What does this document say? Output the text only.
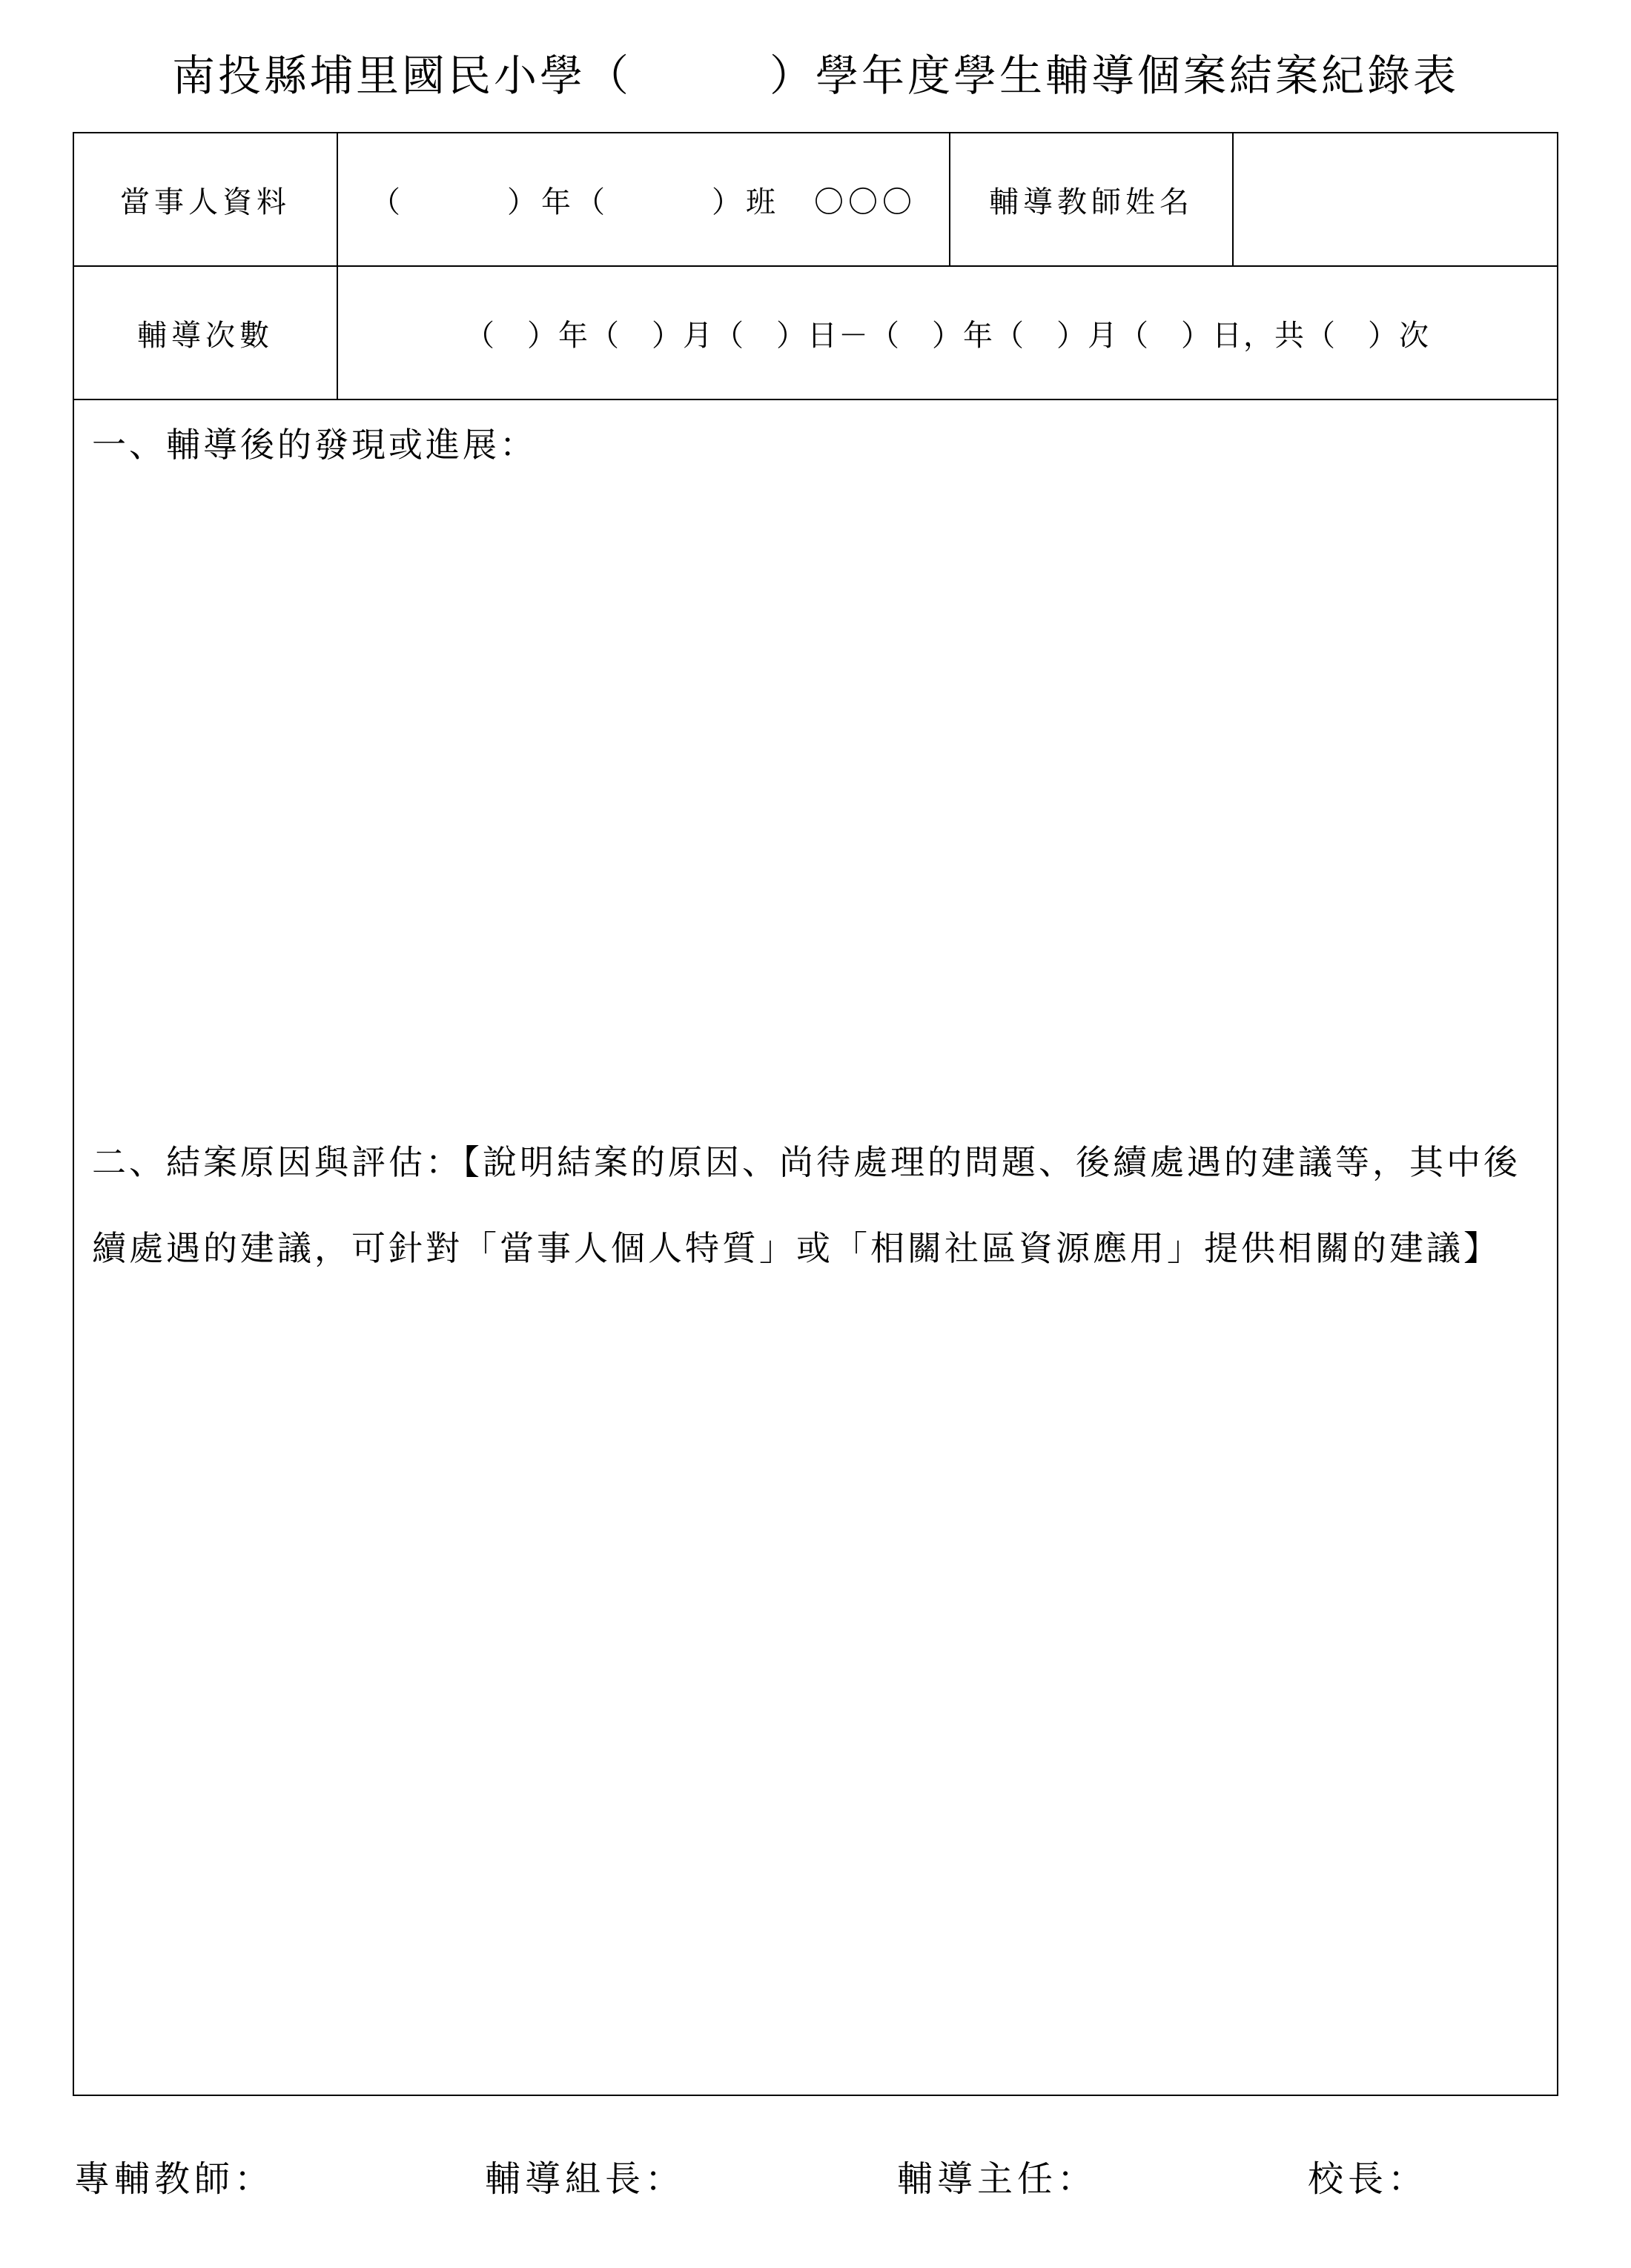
南投縣埔里國民小學（　　　）學年度學生輔導個案結案紀錄表
當事人資料	（　　　）年（　　　）班　〇〇〇	輔導教師姓名
輔導次數	（　）年（　）月（　）日－（　）年（　）月（　）日，共（　）次
一、輔導後的發現或進展：
二、結案原因與評估：【說明結案的原因、尚待處理的問題、後續處遇的建議等，其中後續處遇的建議，可針對「當事人個人特質」或「相關社區資源應用」提供相關的建議】
專輔教師：	輔導組長：	輔導主任：	校長：
